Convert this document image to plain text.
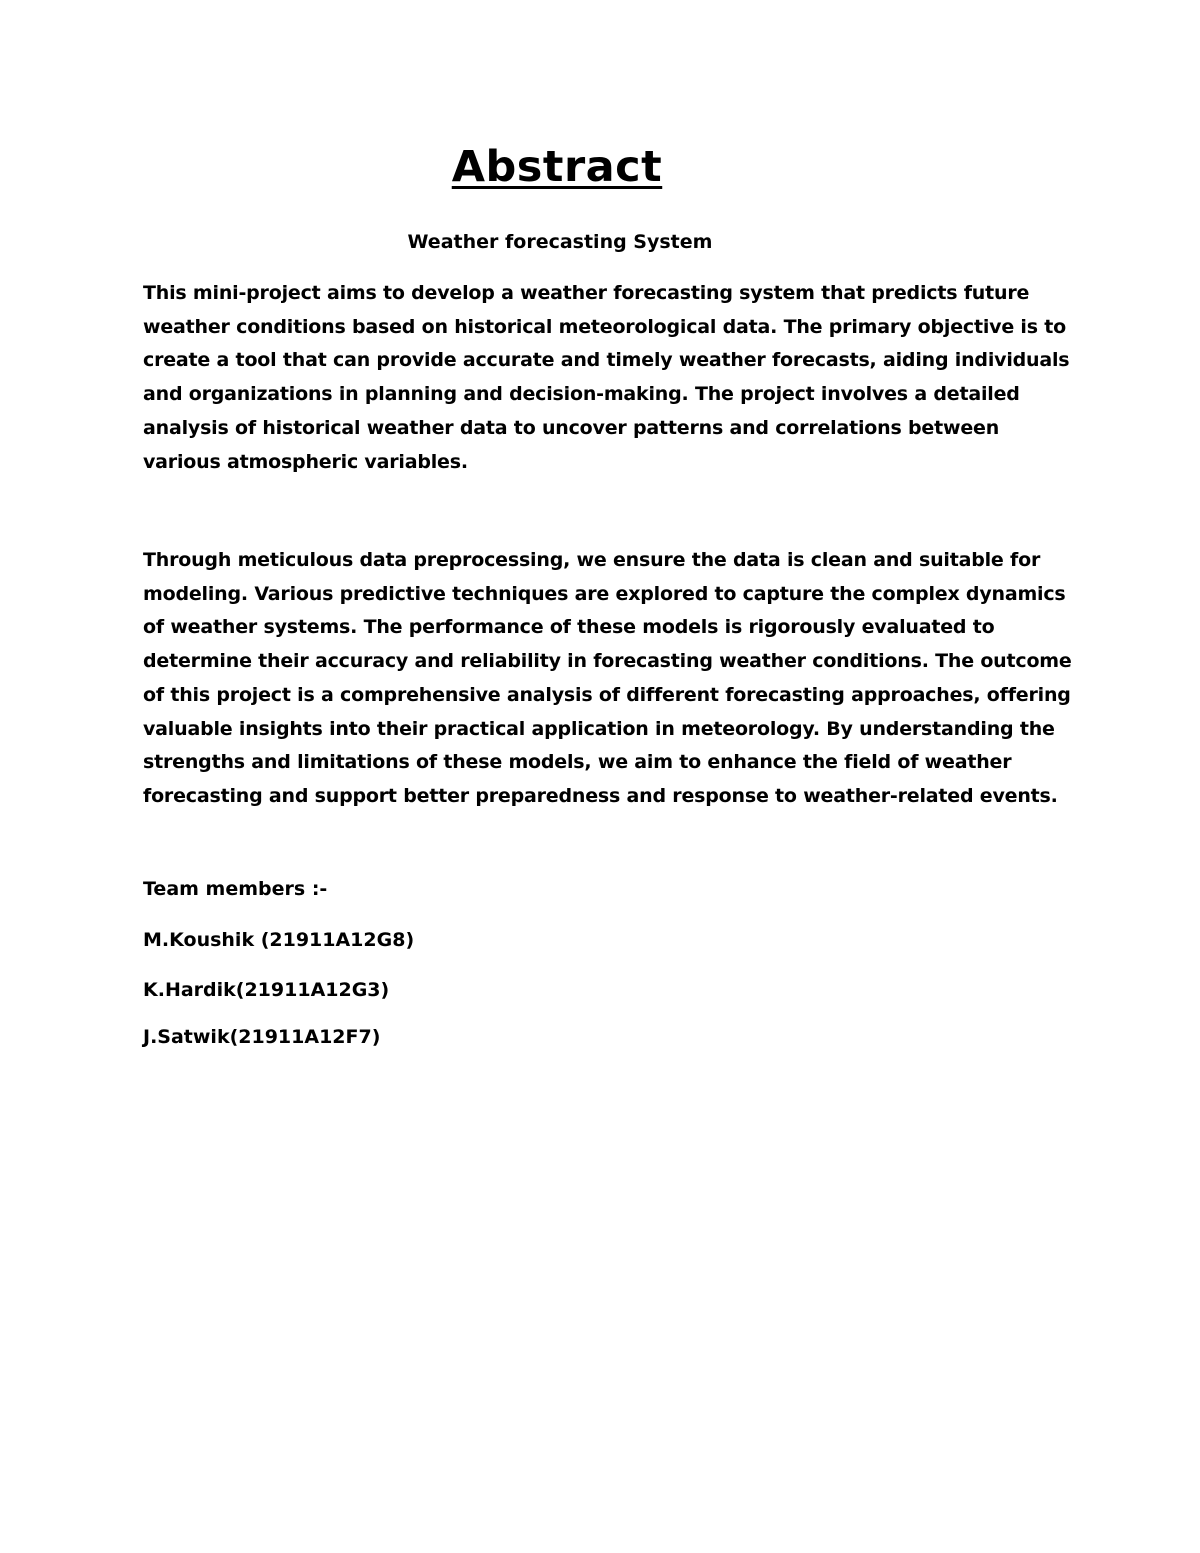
Abstract
Weather forecasting System

This mini-project aims to develop a weather forecasting system that predicts future weather conditions based on historical meteorological data. The primary objective is to create a tool that can provide accurate and timely weather forecasts, aiding individuals and organizations in planning and decision-making. The project involves a detailed analysis of historical weather data to uncover patterns and correlations between various atmospheric variables.

Through meticulous data preprocessing, we ensure the data is clean and suitable for modeling. Various predictive techniques are explored to capture the complex dynamics of weather systems. The performance of these models is rigorously evaluated to determine their accuracy and reliability in forecasting weather conditions. The outcome of this project is a comprehensive analysis of different forecasting approaches, offering valuable insights into their practical application in meteorology. By understanding the strengths and limitations of these models, we aim to enhance the field of weather forecasting and support better preparedness and response to weather-related events.

Team members :-

M.Koushik (21911A12G8)

K.Hardik(21911A12G3)

J.Satwik(21911A12F7)
